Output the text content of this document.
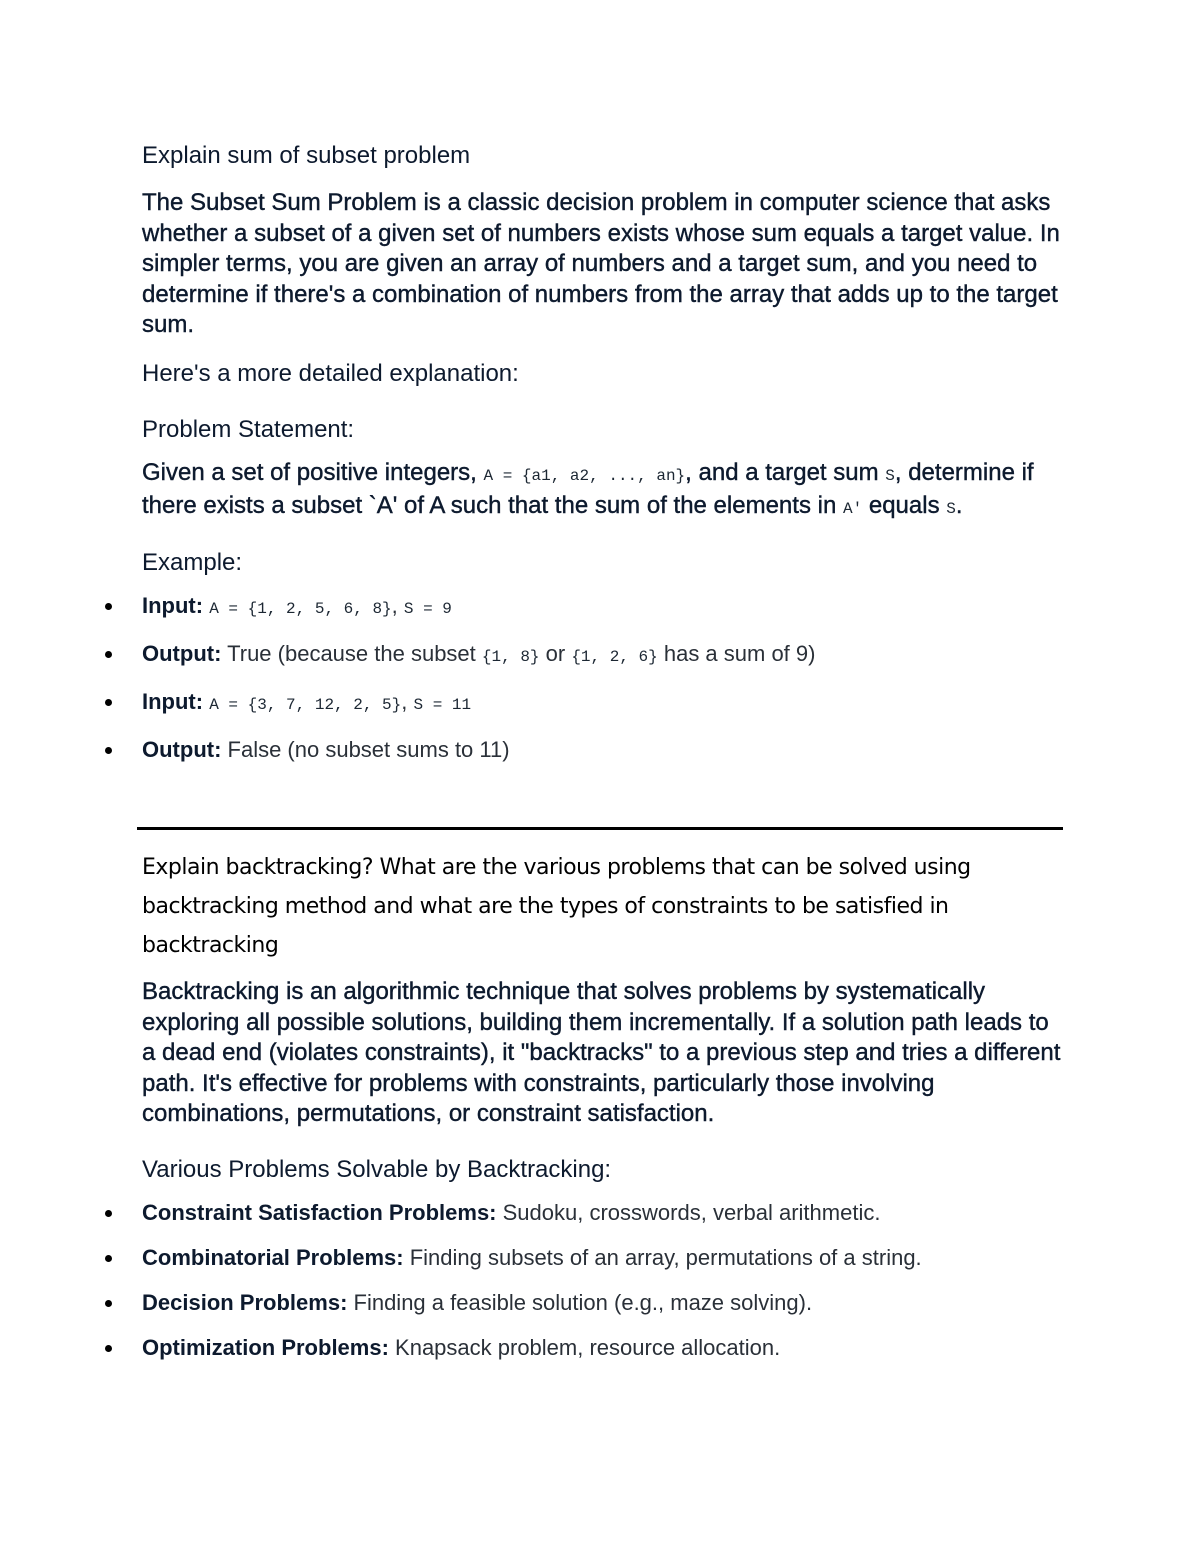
Explain sum of subset problem

The Subset Sum Problem is a classic decision problem in computer science that asks whether a subset of a given set of numbers exists whose sum equals a target value. In simpler terms, you are given an array of numbers and a target sum, and you need to determine if there's a combination of numbers from the array that adds up to the target sum.

Here's a more detailed explanation:

Problem Statement:

Given a set of positive integers, A = {a1, a2, ..., an}, and a target sum S, determine if there exists a subset `A' of A such that the sum of the elements in A' equals S.

Example:

Input: A = {1, 2, 5, 6, 8}, S = 9
Output: True (because the subset {1, 8} or {1, 2, 6} has a sum of 9)
Input: A = {3, 7, 12, 2, 5}, S = 11
Output: False (no subset sums to 11)

Explain backtracking? What are the various problems that can be solved using backtracking method and what are the types of constraints to be satisfied in backtracking

Backtracking is an algorithmic technique that solves problems by systematically exploring all possible solutions, building them incrementally. If a solution path leads to a dead end (violates constraints), it "backtracks" to a previous step and tries a different path. It's effective for problems with constraints, particularly those involving combinations, permutations, or constraint satisfaction.

Various Problems Solvable by Backtracking:

Constraint Satisfaction Problems: Sudoku, crosswords, verbal arithmetic.
Combinatorial Problems: Finding subsets of an array, permutations of a string.
Decision Problems: Finding a feasible solution (e.g., maze solving).
Optimization Problems: Knapsack problem, resource allocation.
